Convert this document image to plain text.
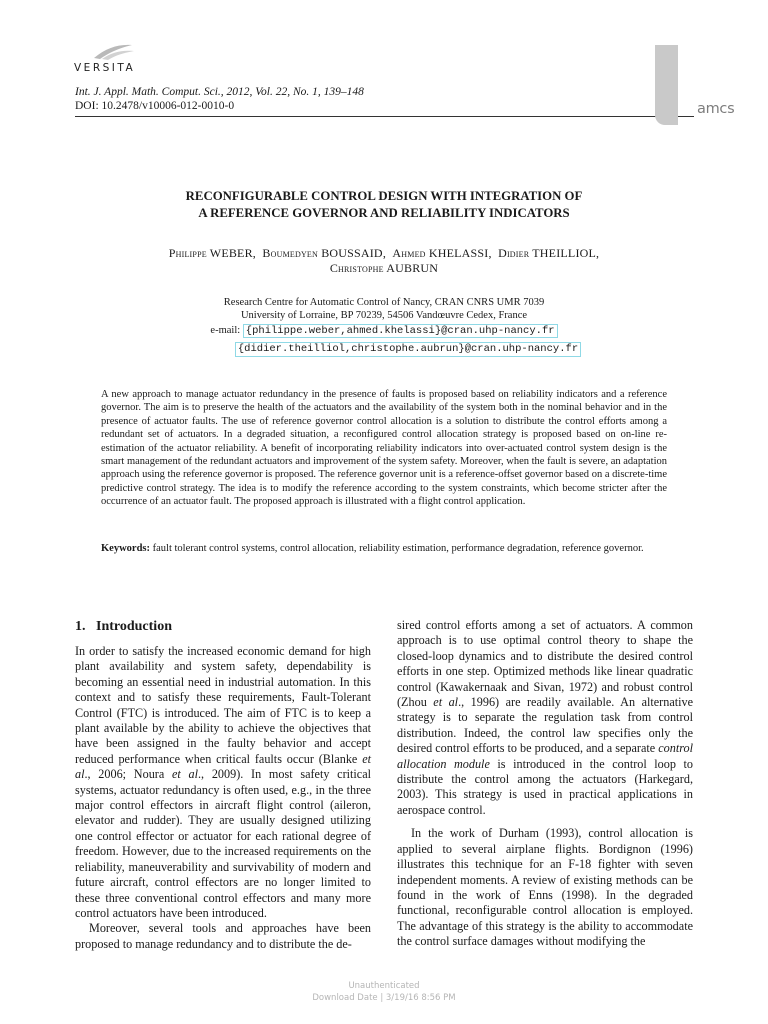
VERSITA
Int. J. Appl. Math. Comput. Sci., 2012, Vol. 22, No. 1, 139–148
DOI: 10.2478/v10006-012-0010-0	amcs
RECONFIGURABLE CONTROL DESIGN WITH INTEGRATION OF
A REFERENCE GOVERNOR AND RELIABILITY INDICATORS
Philippe WEBER,  Boumedyen BOUSSAID,  Ahmed KHELASSI,  Didier THEILLIOL,
Christophe AUBRUN
Research Centre for Automatic Control of Nancy, CRAN CNRS UMR 7039
University of Lorraine, BP 70239, 54506 Vandœuvre Cedex, France
e-mail: {philippe.weber,ahmed.khelassi}@cran.uhp-nancy.fr
{didier.theilliol,christophe.aubrun}@cran.uhp-nancy.fr
A new approach to manage actuator redundancy in the presence of faults is proposed based on reliability indicators and a reference governor. The aim is to preserve the health of the actuators and the availability of the system both in the nominal behavior and in the presence of actuator faults. The use of reference governor control allocation is a solution to distribute the control efforts among a redundant set of actuators. In a degraded situation, a reconfigured control allocation strategy is proposed based on on-line re-estimation of the actuator reliability. A benefit of incorporating reliability indicators into over-actuated control system design is the smart management of the redundant actuators and improvement of the system safety. Moreover, when the fault is severe, an adaptation approach using the reference governor is proposed. The reference governor unit is a reference-offset governor based on a discrete-time predictive control strategy. The idea is to modify the reference according to the system constraints, which become stricter after the occurrence of an actuator fault. The proposed approach is illustrated with a flight control application.
Keywords: fault tolerant control systems, control allocation, reliability estimation, performance degradation, reference governor.

1. Introduction

In order to satisfy the increased economic demand for high plant availability and system safety, dependability is becoming an essential need in industrial automation. In this context and to satisfy these requirements, Fault-Tolerant Control (FTC) is introduced. The aim of FTC is to keep a plant available by the ability to achieve the objectives that have been assigned in the faulty behavior and accept reduced performance when critical faults occur (Blanke et al., 2006; Noura et al., 2009). In most safety critical systems, actuator redundancy is often used, e.g., in the three major control effectors in aircraft flight control (aileron, elevator and rudder). They are usually designed utilizing one control effector or actuator for each rational degree of freedom. However, due to the increased requirements on the reliability, maneuverability and survivability of modern and future aircraft, control effectors are no longer limited to these three conventional control effectors and many more control actuators have been introduced.

Moreover, several tools and approaches have been proposed to manage redundancy and to distribute the de-

sired control efforts among a set of actuators. A common approach is to use optimal control theory to shape the closed-loop dynamics and to distribute the desired control efforts in one step. Optimized methods like linear quadratic control (Kawakernaak and Sivan, 1972) and robust control (Zhou et al., 1996) are readily available. An alternative strategy is to separate the regulation task from control distribution. Indeed, the control law specifies only the desired control efforts to be produced, and a separate control allocation module is introduced in the control loop to distribute the control among the actuators (Harkegard, 2003). This strategy is used in practical applications in aerospace control.

In the work of Durham (1993), control allocation is applied to several airplane flights. Bordignon (1996) illustrates this technique for an F-18 fighter with seven independent moments. A review of existing methods can be found in the work of Enns (1998). In the degraded functional, reconfigurable control allocation is employed. The advantage of this strategy is the ability to accommodate the control surface damages without modifying the

Unauthenticated
Download Date | 3/19/16 8:56 PM
